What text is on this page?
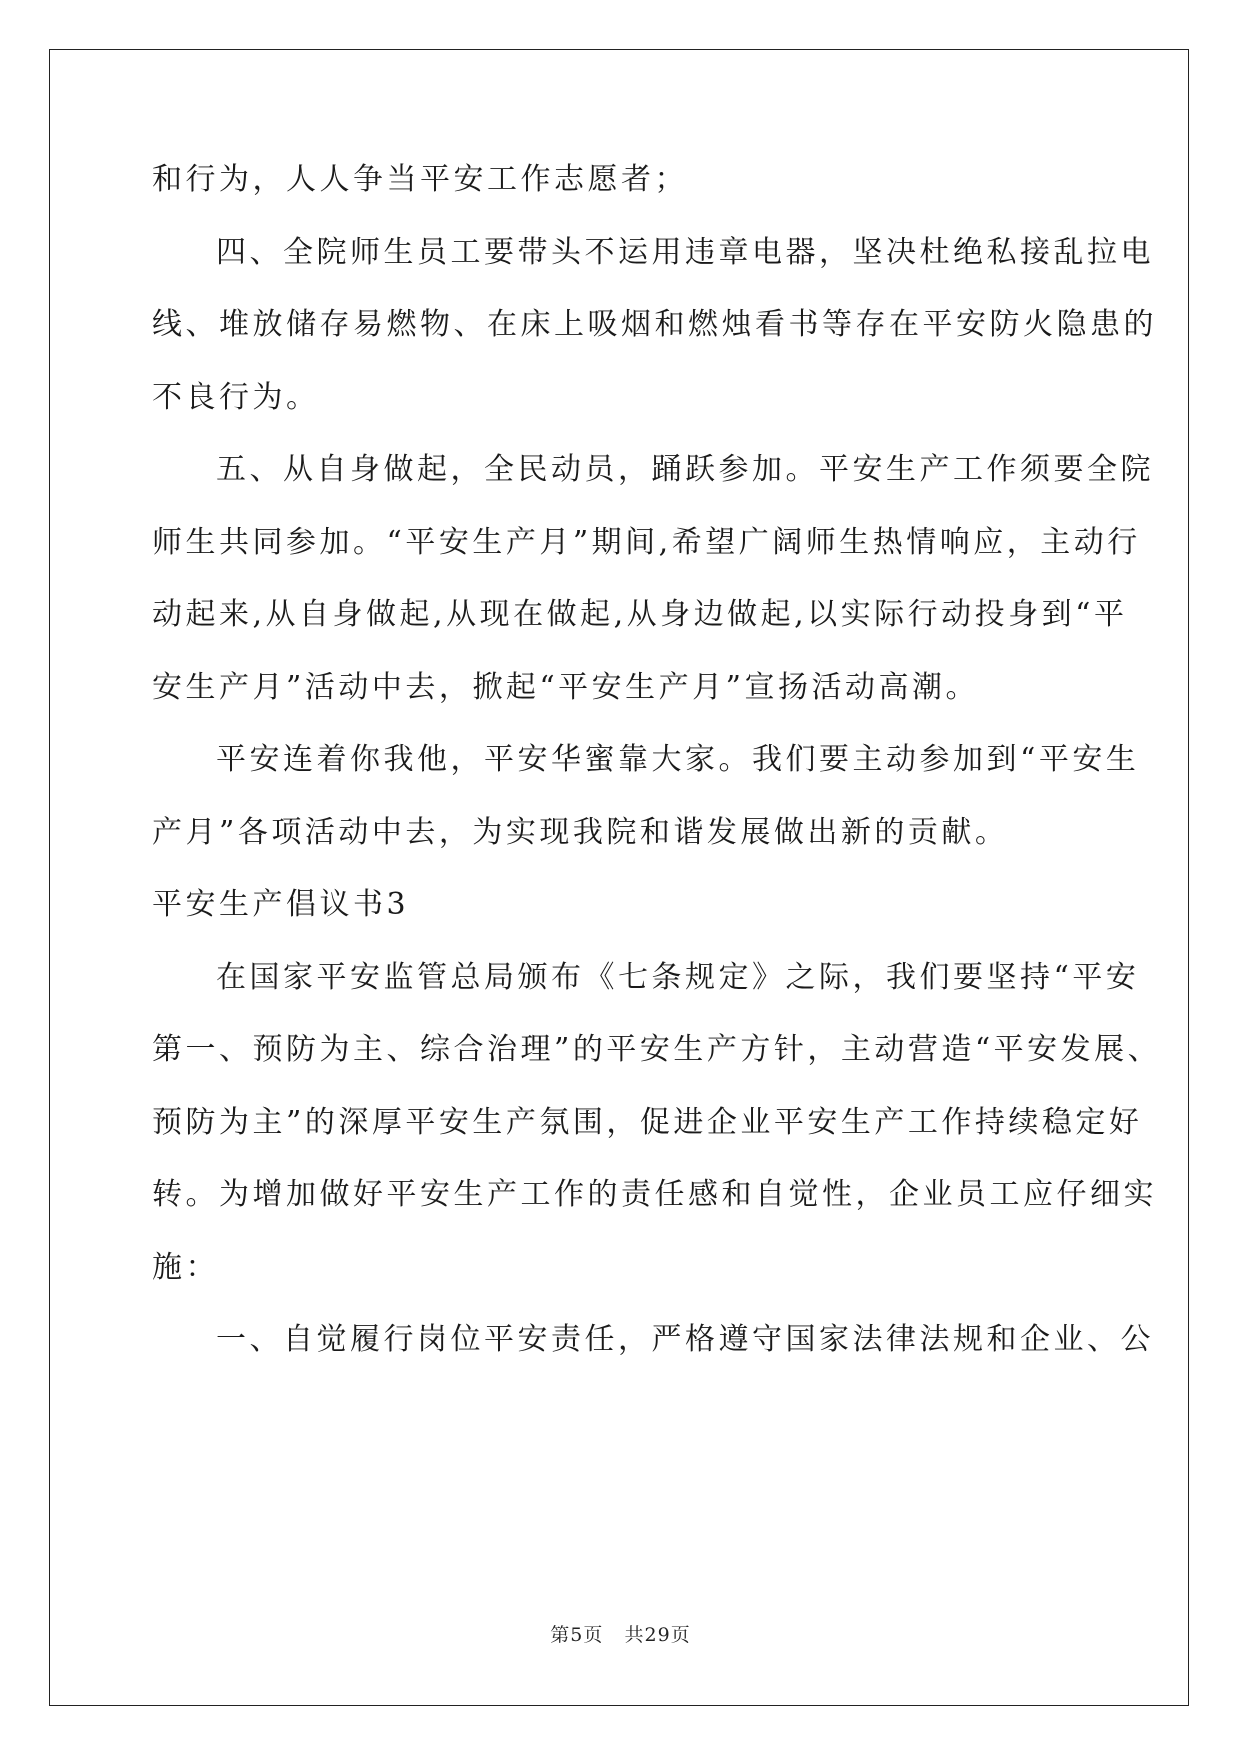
和行为，人人争当平安工作志愿者；
四、全院师生员工要带头不运用违章电器，坚决杜绝私接乱拉电
线、堆放储存易燃物、在床上吸烟和燃烛看书等存在平安防火隐患的
不良行为。
五、从自身做起，全民动员，踊跃参加。平安生产工作须要全院
师生共同参加。“平安生产月”期间,希望广阔师生热情响应，主动行
动起来,从自身做起,从现在做起,从身边做起,以实际行动投身到“平
安生产月”活动中去，掀起“平安生产月”宣扬活动高潮。
平安连着你我他，平安华蜜靠大家。我们要主动参加到“平安生
产月”各项活动中去，为实现我院和谐发展做出新的贡献。
平安生产倡议书3
在国家平安监管总局颁布《七条规定》之际，我们要坚持“平安
第一、预防为主、综合治理”的平安生产方针，主动营造“平安发展、
预防为主”的深厚平安生产氛围，促进企业平安生产工作持续稳定好
转。为增加做好平安生产工作的责任感和自觉性，企业员工应仔细实
施：
一、自觉履行岗位平安责任，严格遵守国家法律法规和企业、公
第5页 共29页
